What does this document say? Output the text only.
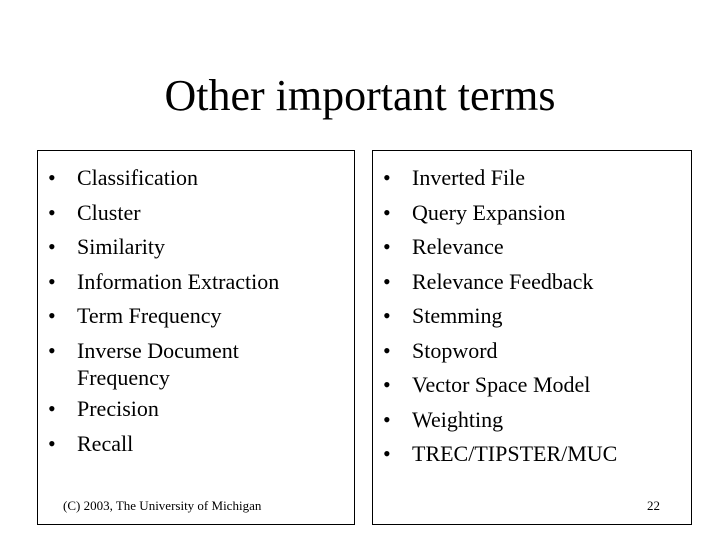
Other important terms
• Classification
• Cluster
• Similarity
• Information Extraction
• Term Frequency
• Inverse Document
Frequency
• Precision
• Recall
(C) 2003, The University of Michigan
• Inverted File
• Query Expansion
• Relevance
• Relevance Feedback
• Stemming
• Stopword
• Vector Space Model
• Weighting
• TREC/TIPSTER/MUC
22
